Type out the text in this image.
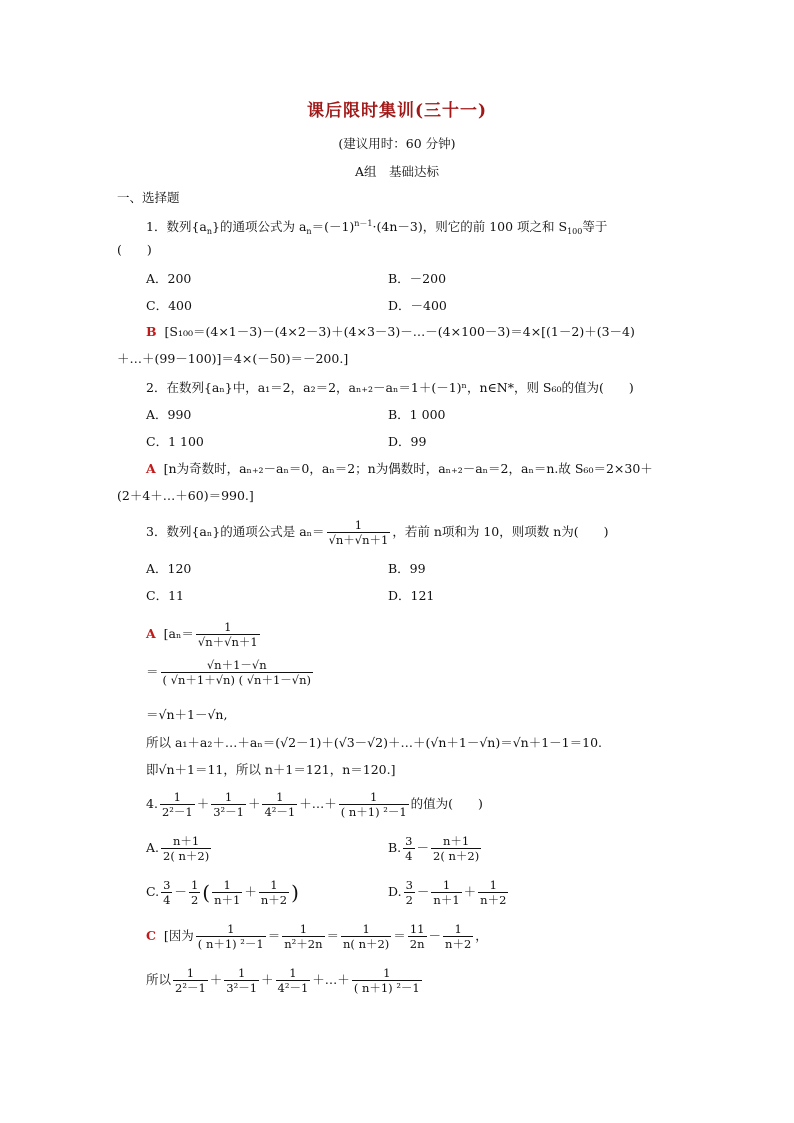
课后限时集训(三十一)
(建议用时：60 分钟)
A组　基础达标
一、选择题
1．数列$\{a_n\}$的通项公式为 $a_n=(-1)^{n-1}\cdot(4n-3)$，则它的前 100 项之和 $S_{100}$等于
(　　)
A．200	B．－200
C．400	D．－400
B [S₁₀₀＝(4×1－3)－(4×2－3)＋(4×3－3)－…－(4×100－3)＝4×[(1－2)＋(3－4)
＋…＋(99－100)]＝4×(－50)＝－200.]
2．在数列{aₙ}中，a₁＝2，a₂＝2，aₙ₊₂－aₙ＝1＋(－1)ⁿ，n∈N*，则 S₆₀的值为(　　)
A．990	B．1 000
C．1 100	D．99
A [n为奇数时，aₙ₊₂－aₙ＝0，aₙ＝2；n为偶数时，aₙ₊₂－aₙ＝2，aₙ＝n.故 S₆₀＝2×30＋
(2＋4＋…＋60)＝990.]
3．数列{aₙ}的通项公式是 $a_n= \frac{1}{√n+√n+1}$ ，若前 n项和为 10，则项数 n为(　　)
A．120	B．99
C．11	D．121
A [$a_n= \frac{1}{√n+√n+1}$
＝ $\frac{√n+1-√n}{( √n+1+√n) ( √n+1-√n)}$
＝√n＋1－√n,
所以 a₁＋a₂＋…＋aₙ＝(√2－1)＋(√3－√2)＋…＋(√n＋1－√n)＝√n＋1－1＝10.
即√n＋1＝11，所以 n＋1＝121，n＝120.]
4. $\frac{1}{\text{2²－1}} + \frac{1}{\text{3²－1}} + \frac{1}{\text{4²－1}}$ ＋…＋ $\frac{1}{\text{( n＋1) ²－1}}$ 的值为(　　)
A. $\frac{n+1}{2( n+2)}$	B. $\frac{3}{4} - \frac{n+1}{2( n+2)}$
C. $\frac{3}{4} - \frac{1}{2}$ ( $\frac{1}{n+1} + \frac{1}{n+2}$ )	D. $\frac{3}{2} - \frac{1}{n+1} + \frac{1}{n+2}$
C [因为 $\frac{1}{\text{( n＋1) ²－1}} = \frac{1}{\text{n²＋2n}} = \frac{1}{n( n+2)} = \frac{11}{2n} - \frac{1}{n+2}$ ，
所以 $\frac{1}{\text{2²－1}} + \frac{1}{\text{3²－1}} + \frac{1}{\text{4²－1}}$ ＋…＋ $\frac{1}{\text{( n＋1) ²－1}}$
